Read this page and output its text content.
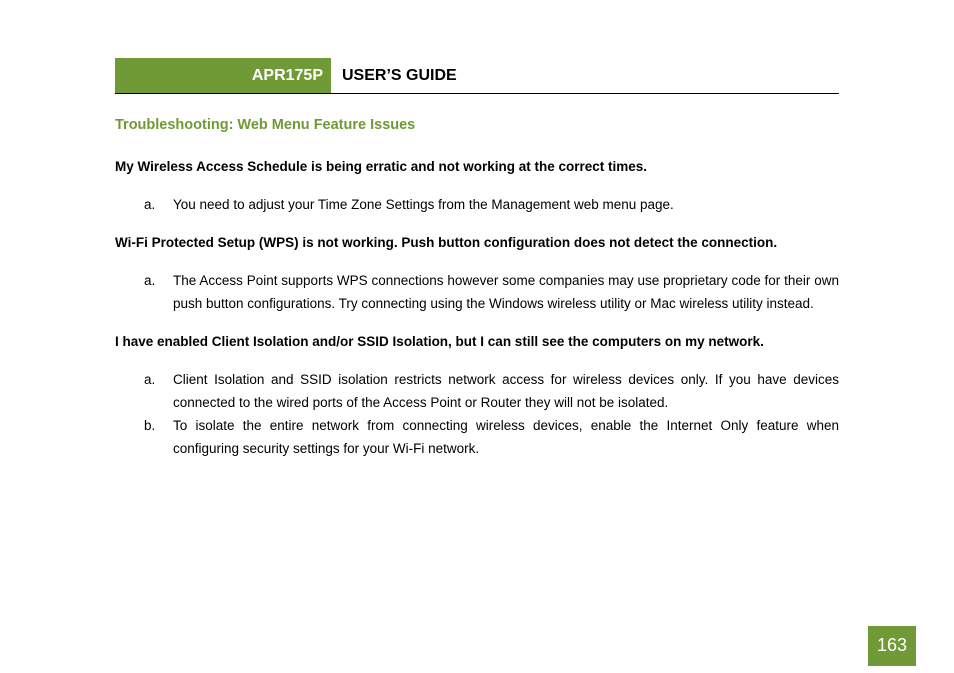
APR175P	USER’S GUIDE
Troubleshooting: Web Menu Feature Issues

My Wireless Access Schedule is being erratic and not working at the correct times.

a. You need to adjust your Time Zone Settings from the Management web menu page.

Wi-Fi Protected Setup (WPS) is not working. Push button configuration does not detect the connection.

a. The Access Point supports WPS connections however some companies may use proprietary code for their own push button configurations. Try connecting using the Windows wireless utility or Mac wireless utility instead.

I have enabled Client Isolation and/or SSID Isolation, but I can still see the computers on my network.

a. Client Isolation and SSID isolation restricts network access for wireless devices only. If you have devices connected to the wired ports of the Access Point or Router they will not be isolated.
b. To isolate the entire network from connecting wireless devices, enable the Internet Only feature when configuring security settings for your Wi-Fi network.
163
